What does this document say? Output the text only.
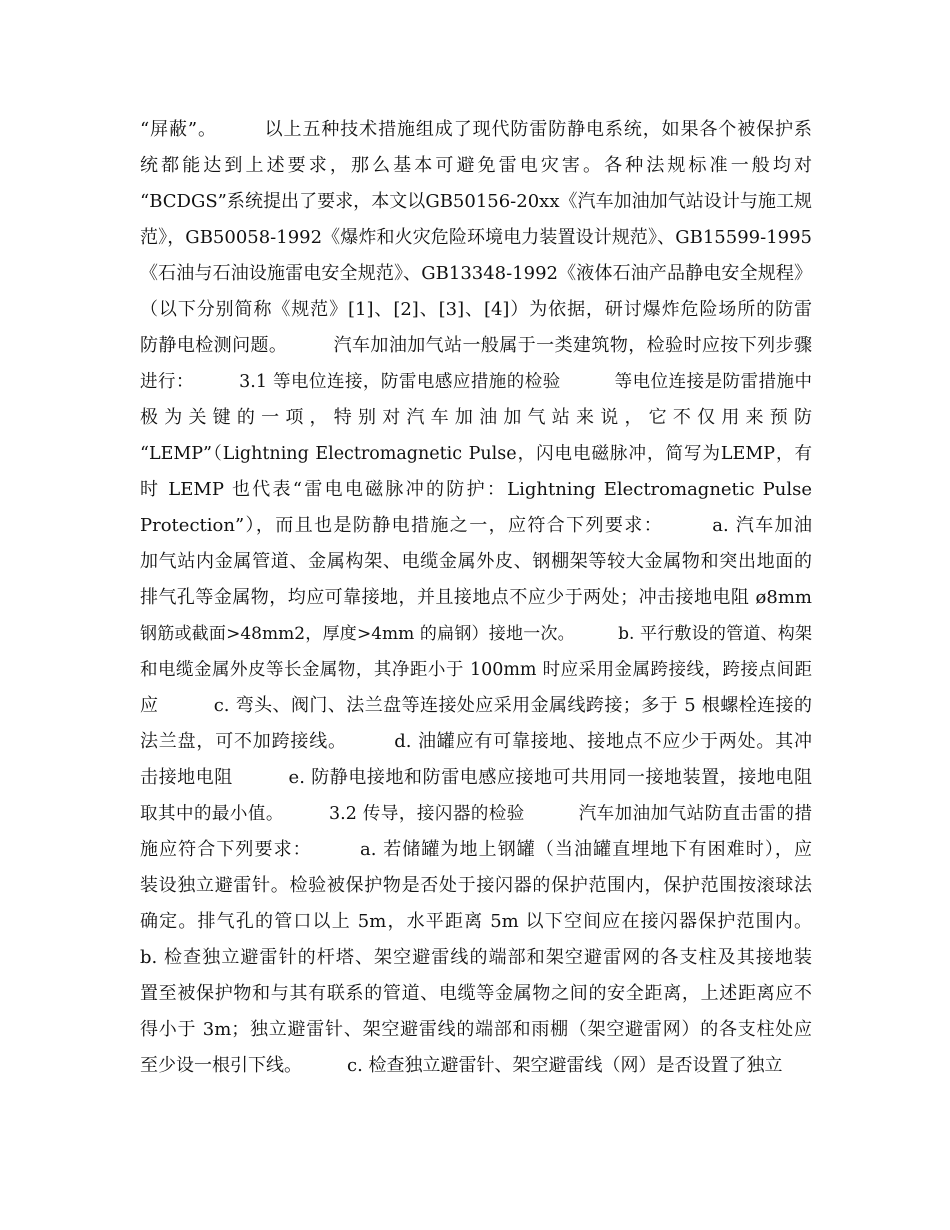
“屏蔽”。　　　以上五种技术措施组成了现代防雷防静电系统，如果各个被保护系
统都能达到上述要求，那么基本可避免雷电灾害。各种法规标准一般均对
“BCDGS”系统提出了要求，本文以GB50156-20xx《汽车加油加气站设计与施工规
范》，GB50058-1992《爆炸和火灾危险环境电力装置设计规范》、GB15599-1995
《石油与石油设施雷电安全规范》、GB13348-1992《液体石油产品静电安全规程》
（以下分别简称《规范》[1]、[2]、[3]、[4]）为依据，研讨爆炸危险场所的防雷
防静电检测问题。　　　汽车加油加气站一般属于一类建筑物，检验时应按下列步骤
进行：　　　3.1 等电位连接，防雷电感应措施的检验　　　等电位连接是防雷措施中
极为关键的一项，特别对汽车加油加气站来说，它不仅用来预防
“LEMP”（Lightning Electromagnetic Pulse，闪电电磁脉冲，简写为LEMP，有
时 LEMP 也代表“雷电电磁脉冲的防护：Lightning Electromagnetic Pulse
Protection”），而且也是防静电措施之一，应符合下列要求：　　　a. 汽车加油
加气站内金属管道、金属构架、电缆金属外皮、钢棚架等较大金属物和突出地面的
排气孔等金属物，均应可靠接地，并且接地点不应少于两处；冲击接地电阻 ø8mm
钢筋或截面>48mm2，厚度>4mm 的扁钢）接地一次。　　　b. 平行敷设的管道、构架
和电缆金属外皮等长金属物，其净距小于 100mm 时应采用金属跨接线，跨接点间距
应　　　c. 弯头、阀门、法兰盘等连接处应采用金属线跨接；多于 5 根螺栓连接的
法兰盘，可不加跨接线。　　　d. 油罐应有可靠接地、接地点不应少于两处。其冲
击接地电阻　　　e. 防静电接地和防雷电感应接地可共用同一接地装置，接地电阻
取其中的最小值。　　　3.2 传导，接闪器的检验　　　汽车加油加气站防直击雷的措
施应符合下列要求：　　　a. 若储罐为地上钢罐（当油罐直埋地下有困难时），应
装设独立避雷针。检验被保护物是否处于接闪器的保护范围内，保护范围按滚球法
确定。排气孔的管口以上 5m，水平距离 5m 以下空间应在接闪器保护范围内。
b. 检查独立避雷针的杆塔、架空避雷线的端部和架空避雷网的各支柱及其接地装
置至被保护物和与其有联系的管道、电缆等金属物之间的安全距离，上述距离应不
得小于 3m；独立避雷针、架空避雷线的端部和雨棚（架空避雷网）的各支柱处应
至少设一根引下线。　　　c. 检查独立避雷针、架空避雷线（网）是否设置了独立
